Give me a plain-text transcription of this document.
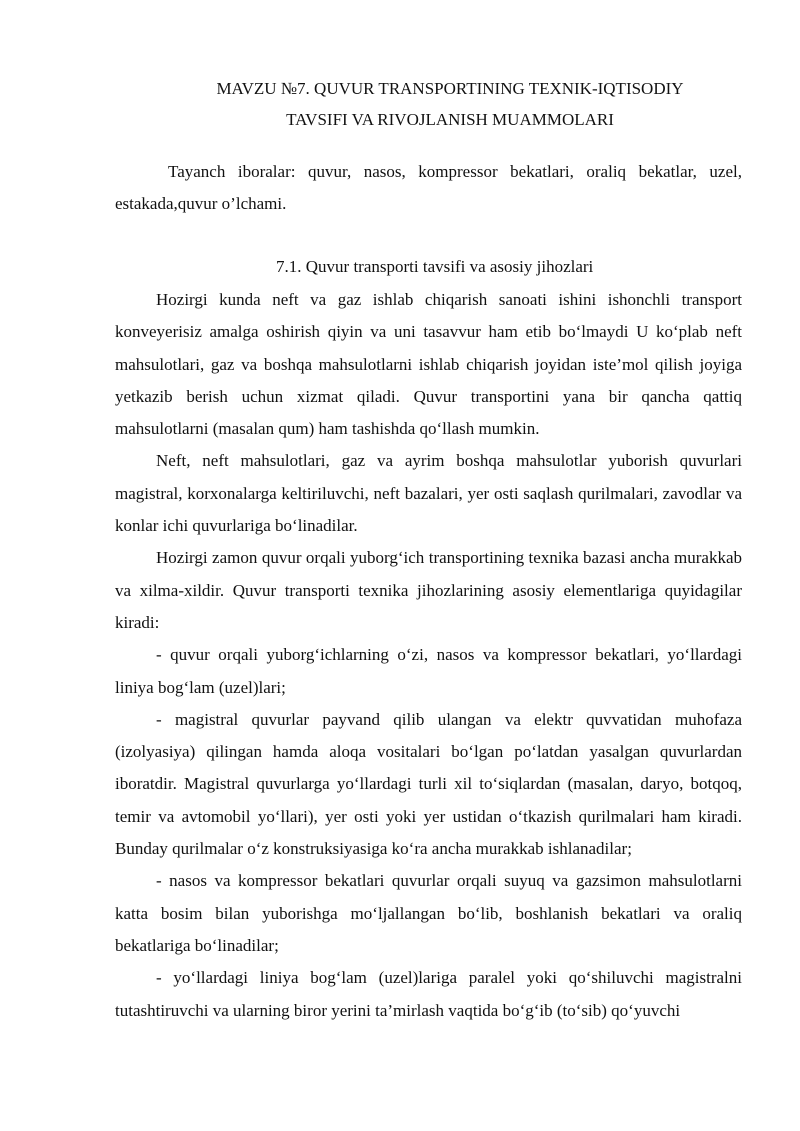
MAVZU №7. QUVUR TRANSPORTINING TEXNIK-IQTISODIY
TAVSIFI VA RIVOJLANISH MUAMMOLARI

Tayanch iboralar: quvur, nasos, kompressor bekatlari, oraliq bekatlar, uzel, estakada,quvur o’lchami.

7.1. Quvur transporti tavsifi va asosiy jihozlari

Hozirgi kunda neft va gaz ishlab chiqarish sanoati ishini ishonchli transport konveyerisiz amalga oshirish qiyin va uni tasavvur ham etib bo‘lmaydi U ko‘plab neft mahsulotlari, gaz va boshqa mahsulotlarni ishlab chiqarish joyidan iste’mol qilish joyiga yetkazib berish uchun xizmat qiladi. Quvur transportini yana bir qancha qattiq mahsulotlarni (masalan qum) ham tashishda qo‘llash mumkin.

Neft, neft mahsulotlari, gaz va ayrim boshqa mahsulotlar yuborish quvurlari magistral, korxonalarga keltiriluvchi, neft bazalari, yer osti saqlash qurilmalari, zavodlar va konlar ichi quvurlariga bo‘linadilar.

Hozirgi zamon quvur orqali yuborg‘ich transportining texnika bazasi ancha murakkab va xilma-xildir. Quvur transporti texnika jihozlarining asosiy elementlariga quyidagilar kiradi:

- quvur orqali yuborg‘ichlarning o‘zi, nasos va kompressor bekatlari, yo‘llardagi liniya bog‘lam (uzel)lari;

- magistral quvurlar payvand qilib ulangan va elektr quvvatidan muhofaza (izolyasiya) qilingan hamda aloqa vositalari bo‘lgan po‘latdan yasalgan quvurlardan iboratdir. Magistral quvurlarga yo‘llardagi turli xil to‘siqlardan (masalan, daryo, botqoq, temir va avtomobil yo‘llari), yer osti yoki yer ustidan o‘tkazish qurilmalari ham kiradi. Bunday qurilmalar o‘z konstruksiyasiga ko‘ra ancha murakkab ishlanadilar;

- nasos va kompressor bekatlari quvurlar orqali suyuq va gazsimon mahsulotlarni katta bosim bilan yuborishga mo‘ljallangan bo‘lib, boshlanish bekatlari va oraliq bekatlariga bo‘linadilar;

- yo‘llardagi liniya bog‘lam (uzel)lariga paralel yoki qo‘shiluvchi magistralni tutashtiruvchi va ularning biror yerini ta’mirlash vaqtida bo‘g‘ib (to‘sib) qo‘yuvchi
